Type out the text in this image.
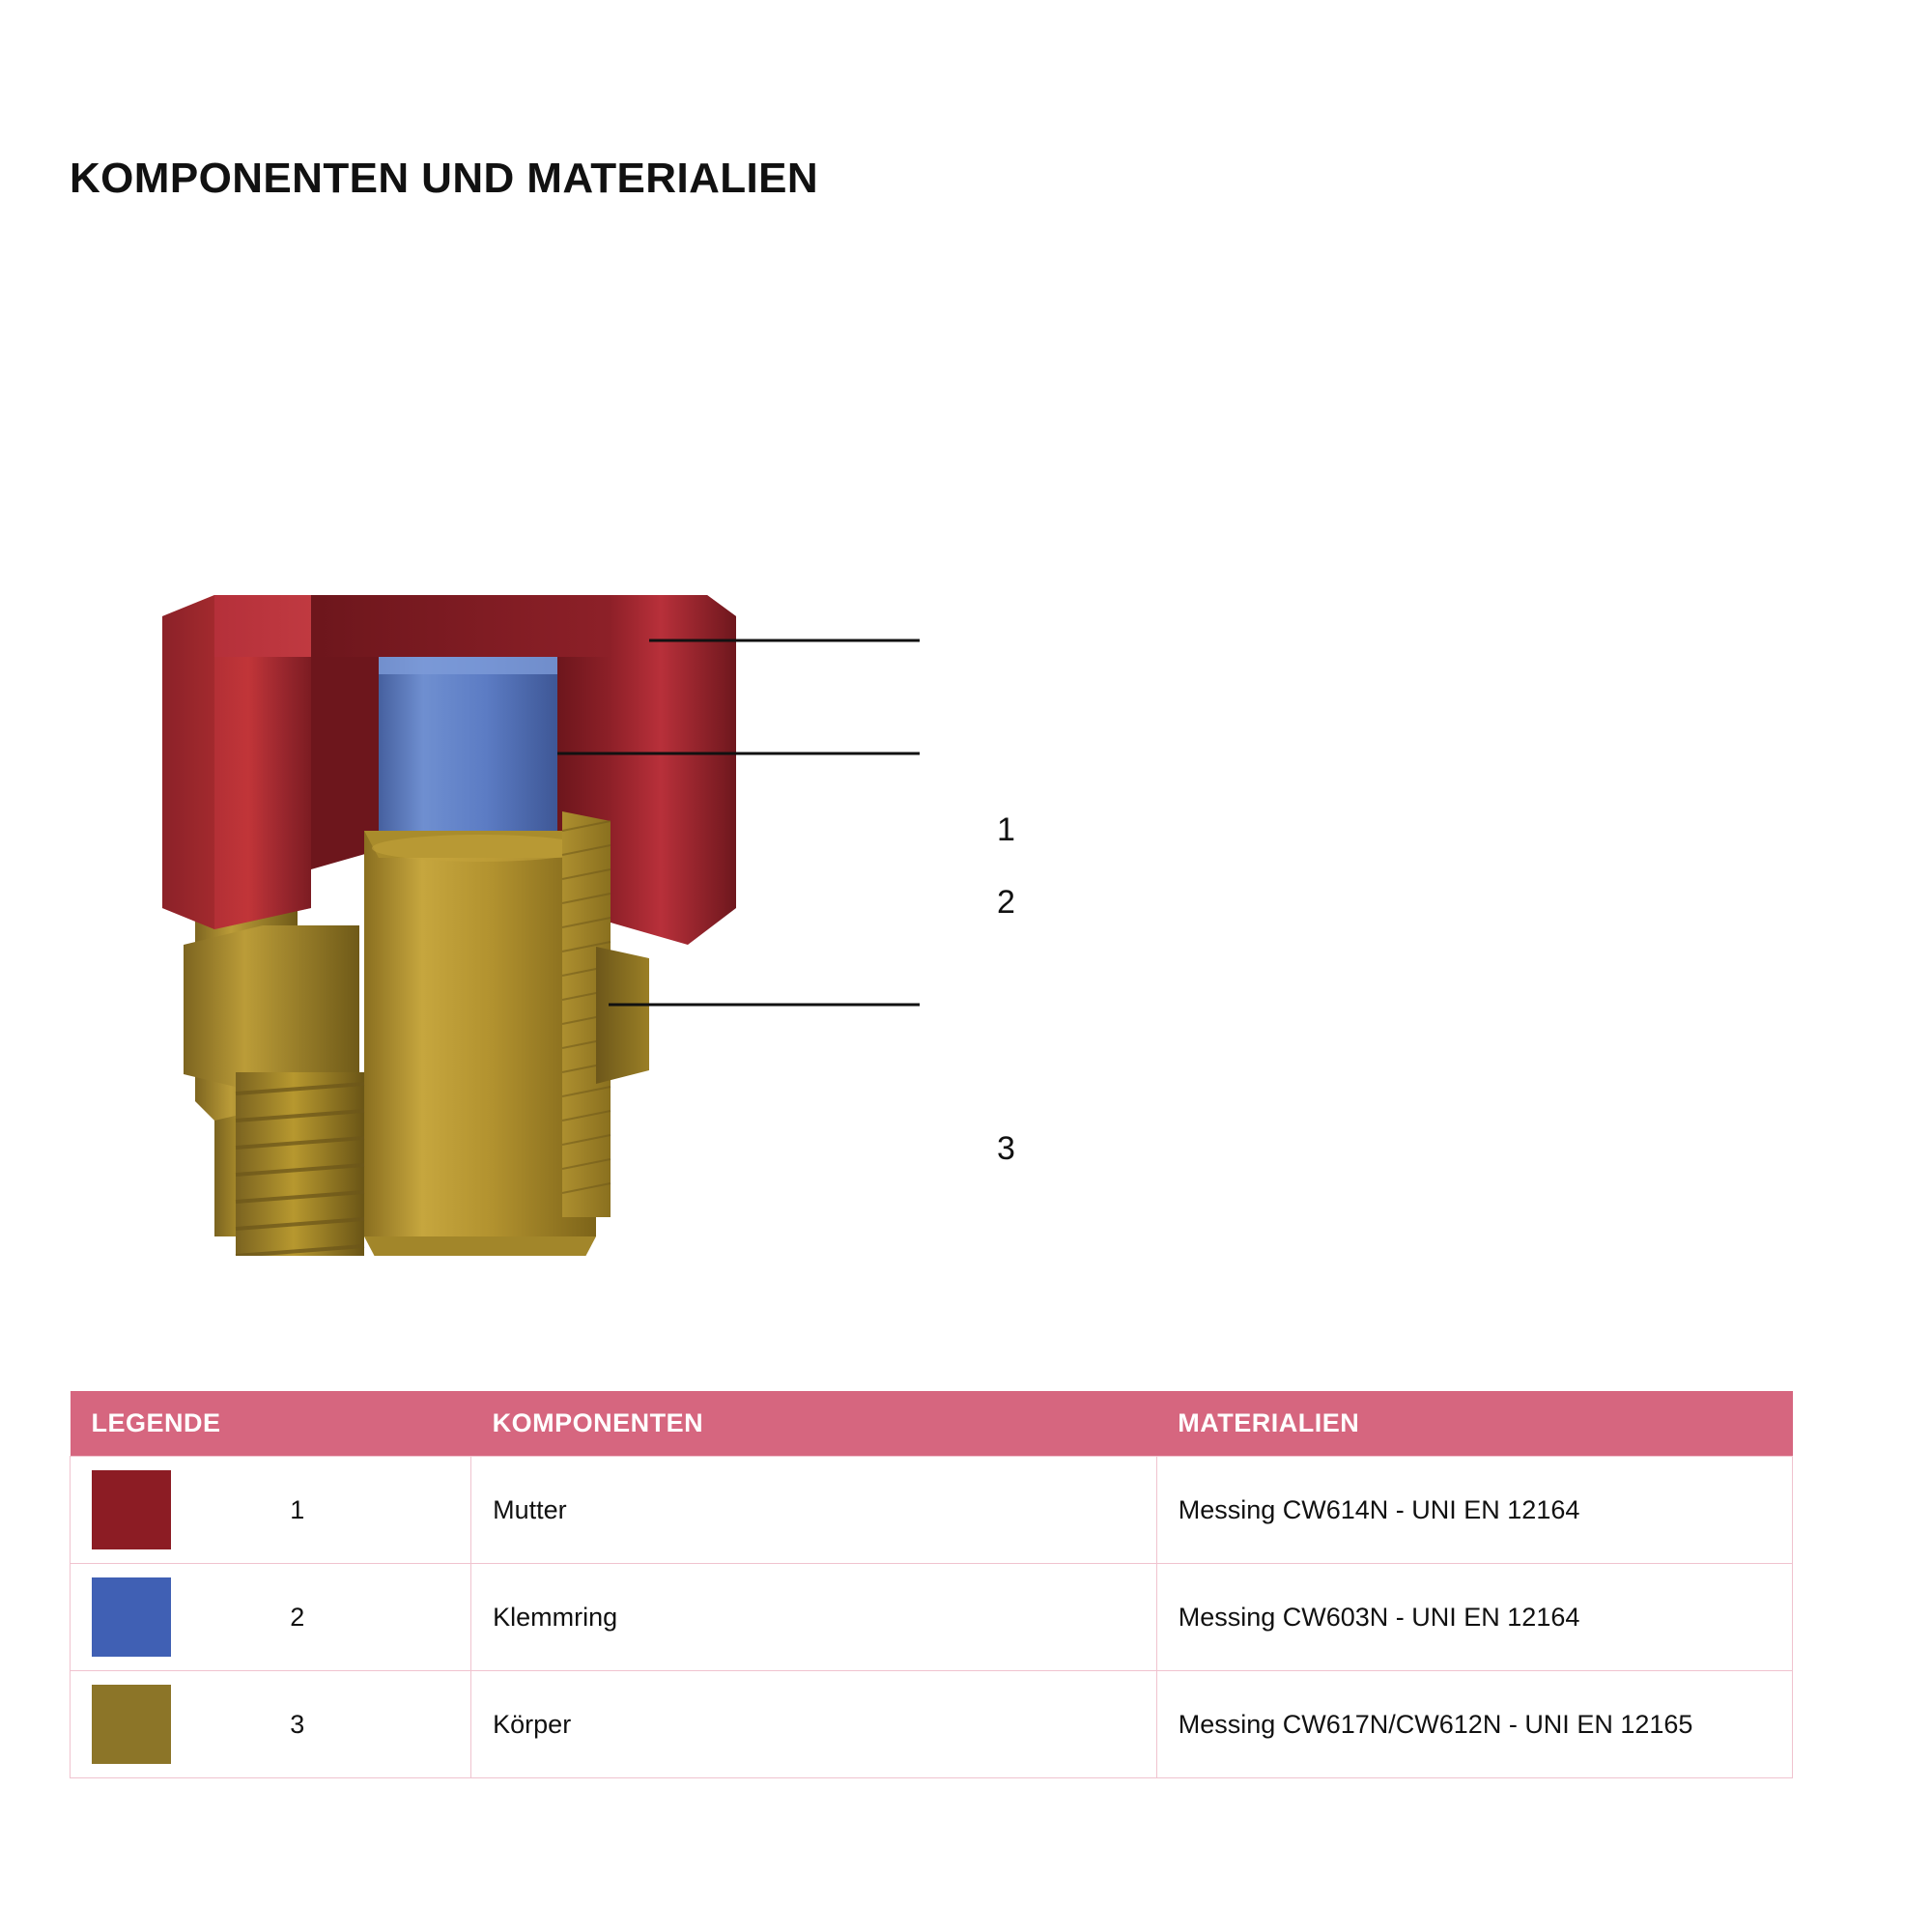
KOMPONENTEN UND MATERIALIEN
1
2
3
LEGENDE		KOMPONENTEN	MATERIALIEN

	1	Mutter	Messing CW614N - UNI EN 12164

	2	Klemmring	Messing CW603N - UNI EN 12164

	3	Körper	Messing CW617N/CW612N - UNI EN 12165
